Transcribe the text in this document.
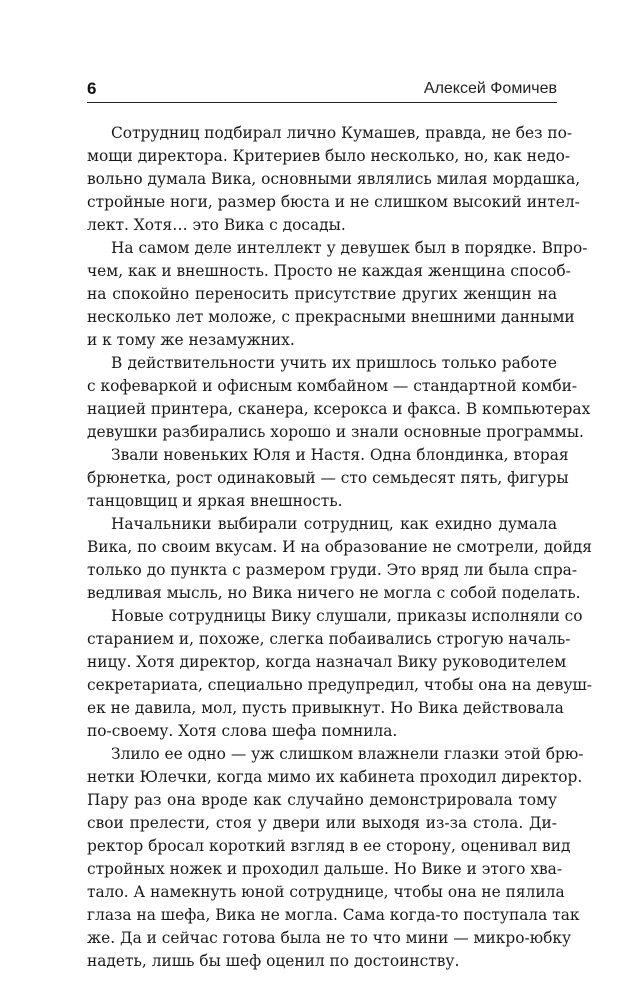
6	Алексей Фомичев

Сотрудниц подбирал лично Кумашев, правда, не без по-
мощи директора. Критериев было несколько, но, как недо-
вольно думала Вика, основными являлись милая мордашка,
стройные ноги, размер бюста и не слишком высокий интел-
лект. Хотя… это Вика с досады.

На самом деле интеллект у девушек был в порядке. Впро-
чем, как и внешность. Просто не каждая женщина способ-
на спокойно переносить присутствие других женщин на
несколько лет моложе, с прекрасными внешними данными
и к тому же незамужних.

В действительности учить их пришлось только работе
с кофеваркой и офисным комбайном — стандартной комби-
нацией принтера, сканера, ксерокса и факса. В компьютерах
девушки разбирались хорошо и знали основные программы.

Звали новеньких Юля и Настя. Одна блондинка, вторая
брюнетка, рост одинаковый — сто семьдесят пять, фигуры
танцовщиц и яркая внешность.

Начальники выбирали сотрудниц, как ехидно думала
Вика, по своим вкусам. И на образование не смотрели, дойдя
только до пункта с размером груди. Это вряд ли была спра-
ведливая мысль, но Вика ничего не могла с собой поделать.

Новые сотрудницы Вику слушали, приказы исполняли со
старанием и, похоже, слегка побаивались строгую началь-
ницу. Хотя директор, когда назначал Вику руководителем
секретариата, специально предупредил, чтобы она на девуш-
ек не давила, мол, пусть привыкнут. Но Вика действовала
по-своему. Хотя слова шефа помнила.

Злило ее одно — уж слишком влажнели глазки этой брю-
нетки Юлечки, когда мимо их кабинета проходил директор.
Пару раз она вроде как случайно демонстрировала тому
свои прелести, стоя у двери или выходя из-за стола. Ди-
ректор бросал короткий взгляд в ее сторону, оценивал вид
стройных ножек и проходил дальше. Но Вике и этого хва-
тало. А намекнуть юной сотруднице, чтобы она не пялила
глаза на шефа, Вика не могла. Сама когда-то поступала так
же. Да и сейчас готова была не то что мини — микро-юбку
надеть, лишь бы шеф оценил по достоинству.
